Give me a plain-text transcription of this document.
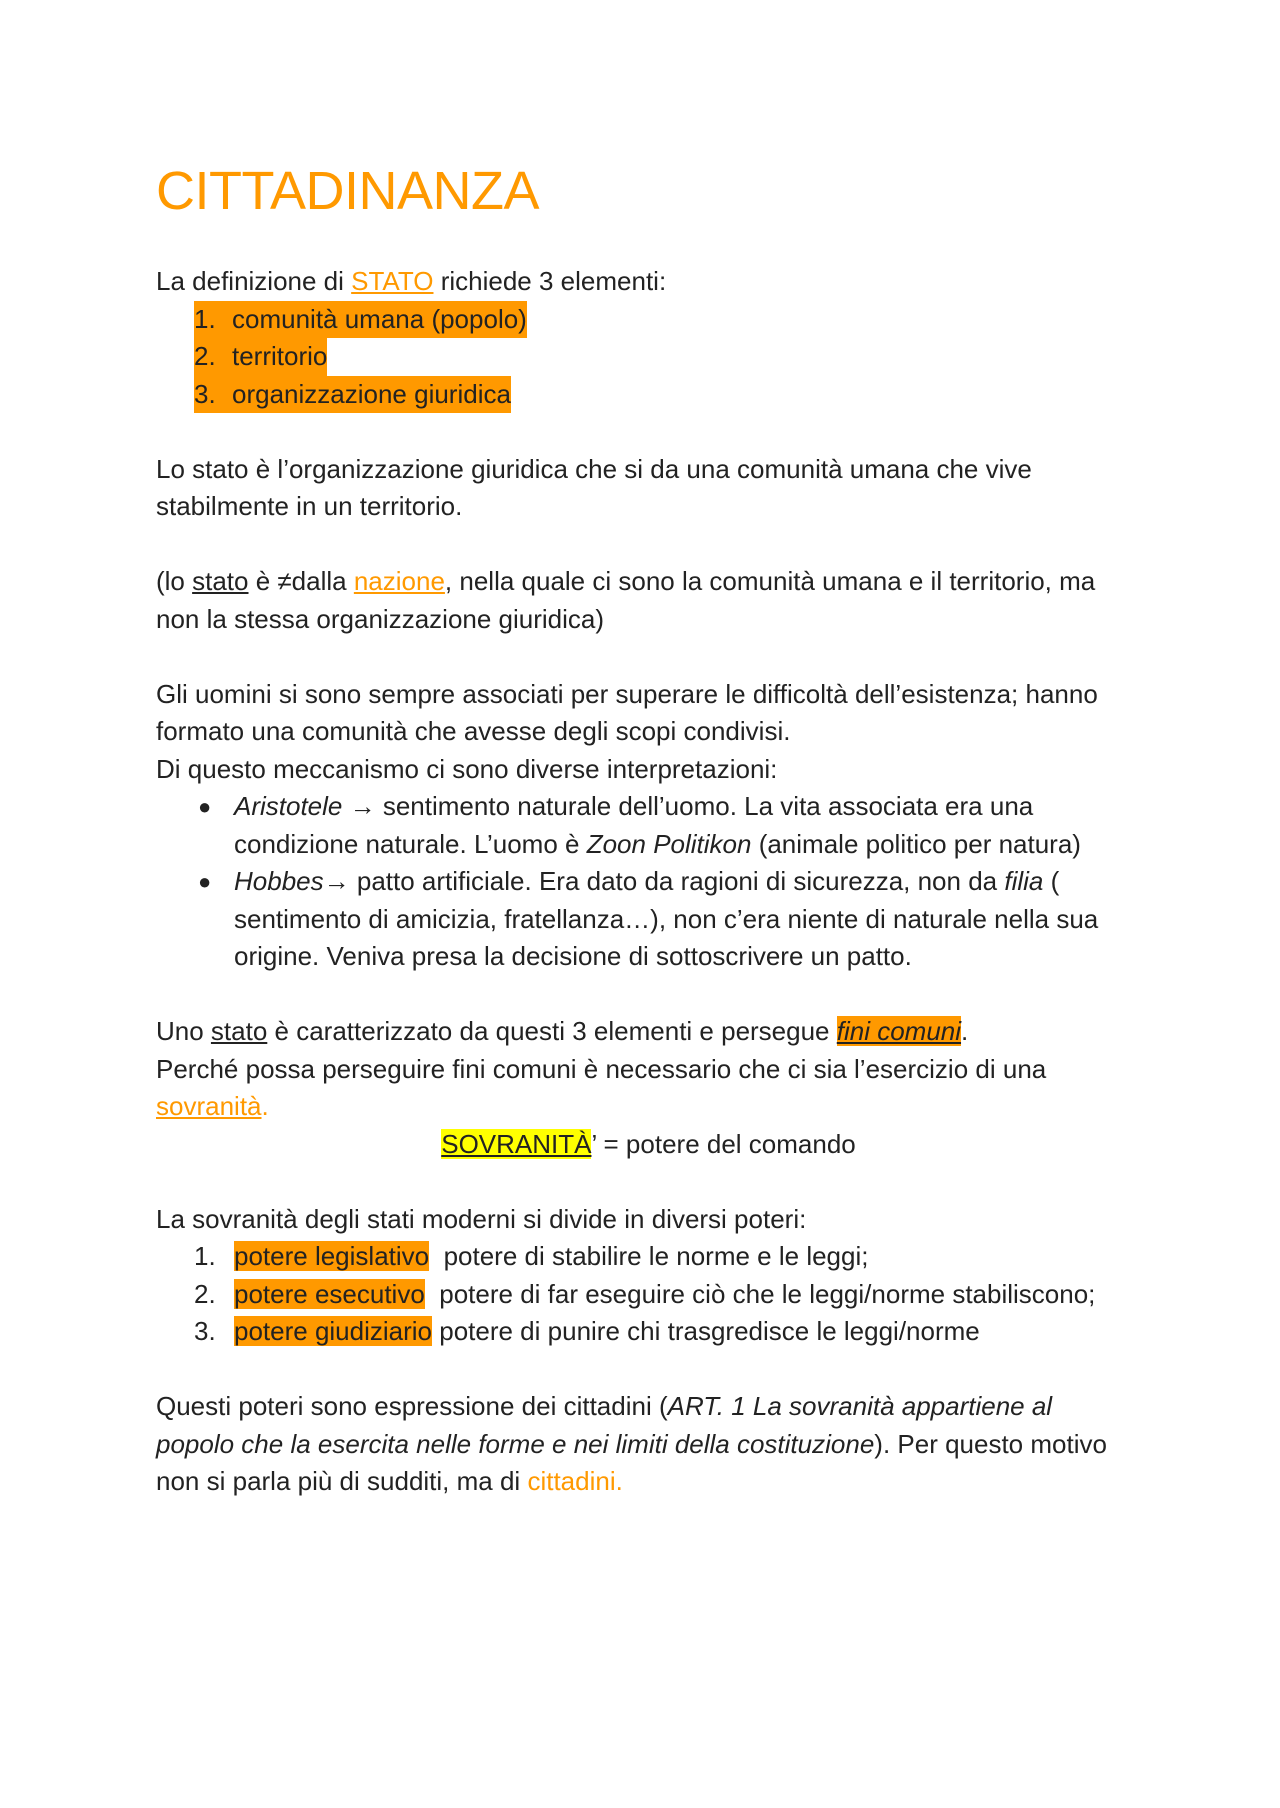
CITTADINANZA

La definizione di STATO richiede 3 elementi:

1. comunità umana (popolo)
2. territorio
3. organizzazione giuridica

Lo stato è l’organizzazione giuridica che si da una comunità umana che vive stabilmente in un territorio.

(lo stato è ≠dalla nazione, nella quale ci sono la comunità umana e il territorio, ma non la stessa organizzazione giuridica)

Gli uomini si sono sempre associati per superare le difficoltà dell’esistenza; hanno formato una comunità che avesse degli scopi condivisi.

Di questo meccanismo ci sono diverse interpretazioni:

● Aristotele → sentimento naturale dell’uomo. La vita associata era una condizione naturale. L’uomo è Zoon Politikon (animale politico per natura)
● Hobbes→ patto artificiale. Era dato da ragioni di sicurezza, non da filia ( sentimento di amicizia, fratellanza…), non c’era niente di naturale nella sua origine. Veniva presa la decisione di sottoscrivere un patto.

Uno stato è caratterizzato da questi 3 elementi e persegue fini comuni.

Perché possa perseguire fini comuni è necessario che ci sia l’esercizio di una sovranità.

SOVRANITÀ’ = potere del comando

La sovranità degli stati moderni si divide in diversi poteri:

1. potere legislativo  potere di stabilire le norme e le leggi;
2. potere esecutivo  potere di far eseguire ciò che le leggi/norme stabiliscono;
3. potere giudiziario potere di punire chi trasgredisce le leggi/norme

Questi poteri sono espressione dei cittadini (ART. 1 La sovranità appartiene al popolo che la esercita nelle forme e nei limiti della costituzione). Per questo motivo non si parla più di sudditi, ma di cittadini.
